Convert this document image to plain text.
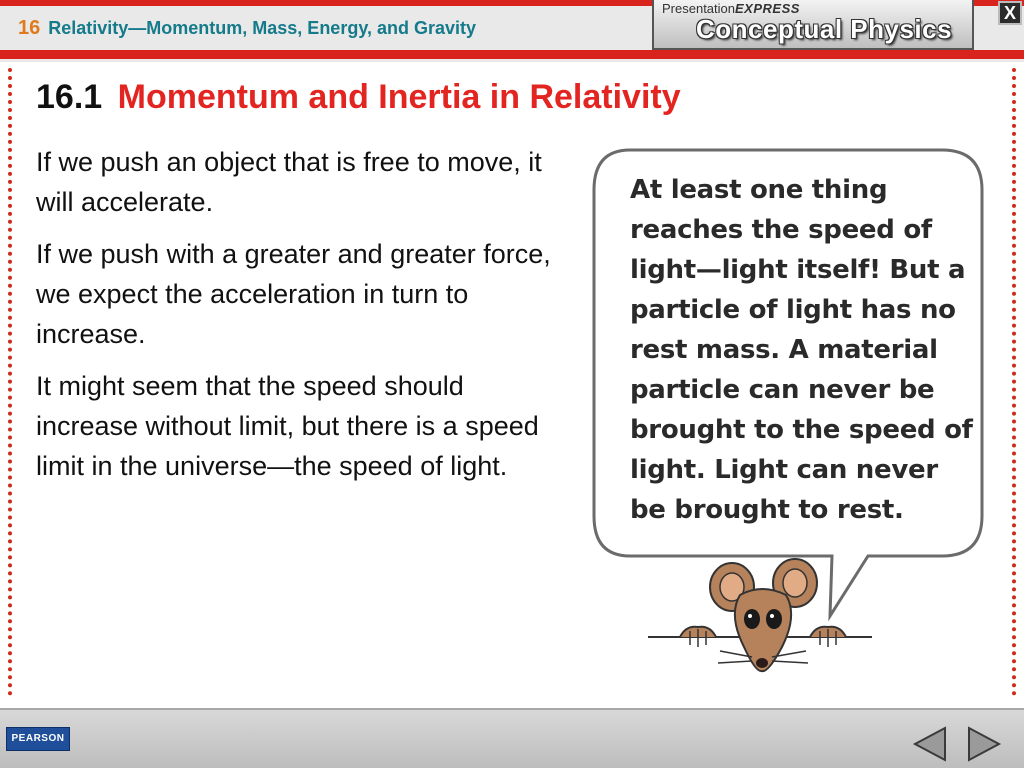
16 Relativity—Momentum, Mass, Energy, and Gravity
PresentationEXPRESS
Conceptual Physics
X
16.1 Momentum and Inertia in Relativity

If we push an object that is free to move, it will accelerate.

If we push with a greater and greater force, we expect the acceleration in turn to increase.

It might seem that the speed should increase without limit, but there is a speed limit in the universe—the speed of light.

At least one thing reaches the speed of light—light itself! But a particle of light has no rest mass. A material particle can never be brought to the speed of light. Light can never be brought to rest.
PEARSON
